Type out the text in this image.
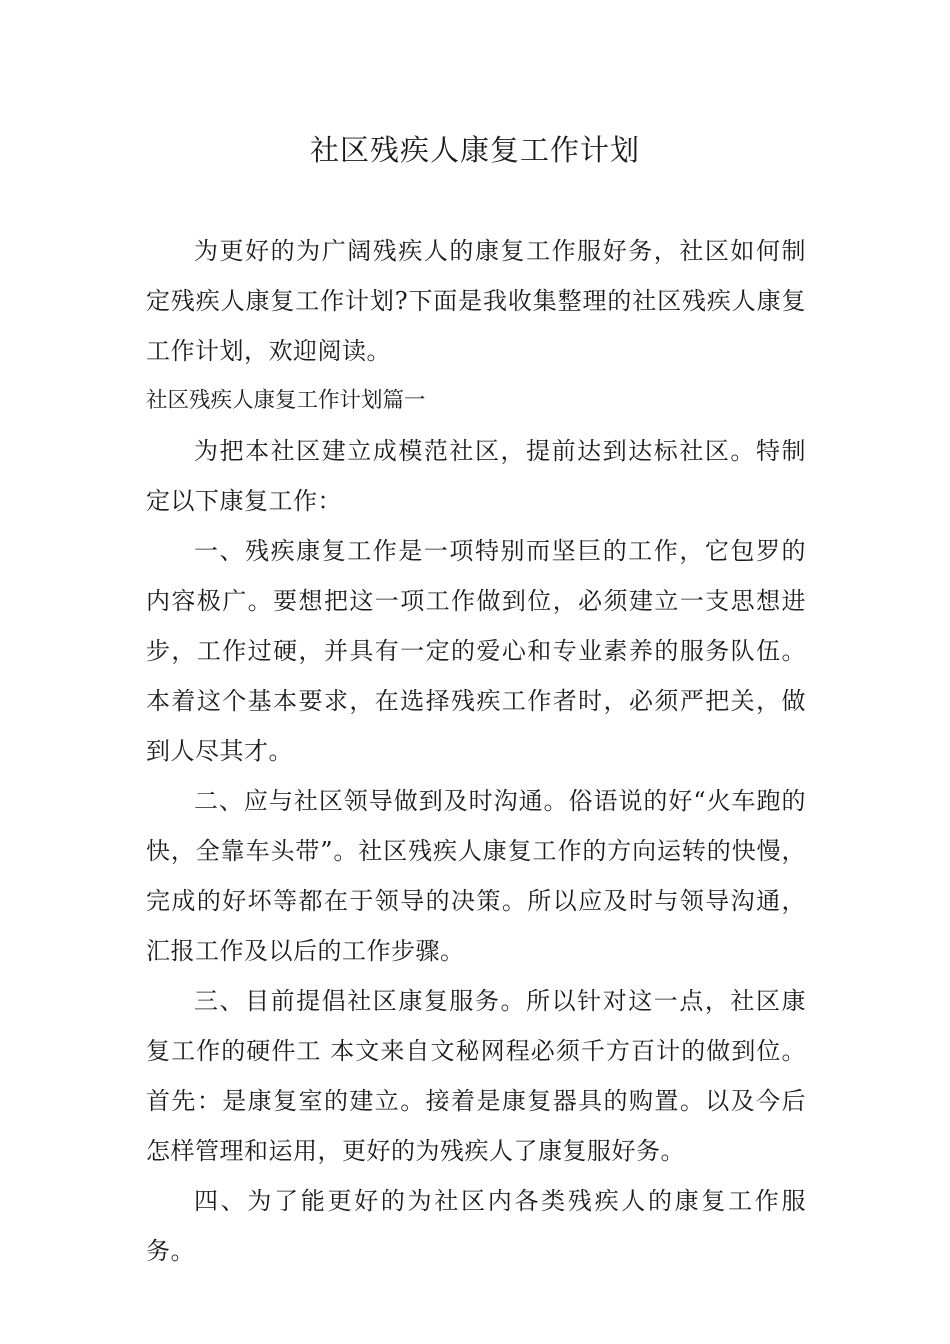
社区残疾人康复工作计划

为更好的为广阔残疾人的康复工作服好务，社区如何制定残疾人康复工作计划?下面是我收集整理的社区残疾人康复工作计划，欢迎阅读。

社区残疾人康复工作计划篇一

为把本社区建立成模范社区，提前达到达标社区。特制定以下康复工作：

一、残疾康复工作是一项特别而坚巨的工作，它包罗的内容极广。要想把这一项工作做到位，必须建立一支思想进步，工作过硬，并具有一定的爱心和专业素养的服务队伍。本着这个基本要求，在选择残疾工作者时，必须严把关，做到人尽其才。

二、应与社区领导做到及时沟通。俗语说的好“火车跑的快，全靠车头带”。社区残疾人康复工作的方向运转的快慢，完成的好坏等都在于领导的决策。所以应及时与领导沟通，汇报工作及以后的工作步骤。

三、目前提倡社区康复服务。所以针对这一点，社区康复工作的硬件工 本文来自文秘网程必须千方百计的做到位。首先：是康复室的建立。接着是康复器具的购置。以及今后怎样管理和运用，更好的为残疾人了康复服好务。

四、为了能更好的为社区内各类残疾人的康复工作服务。
